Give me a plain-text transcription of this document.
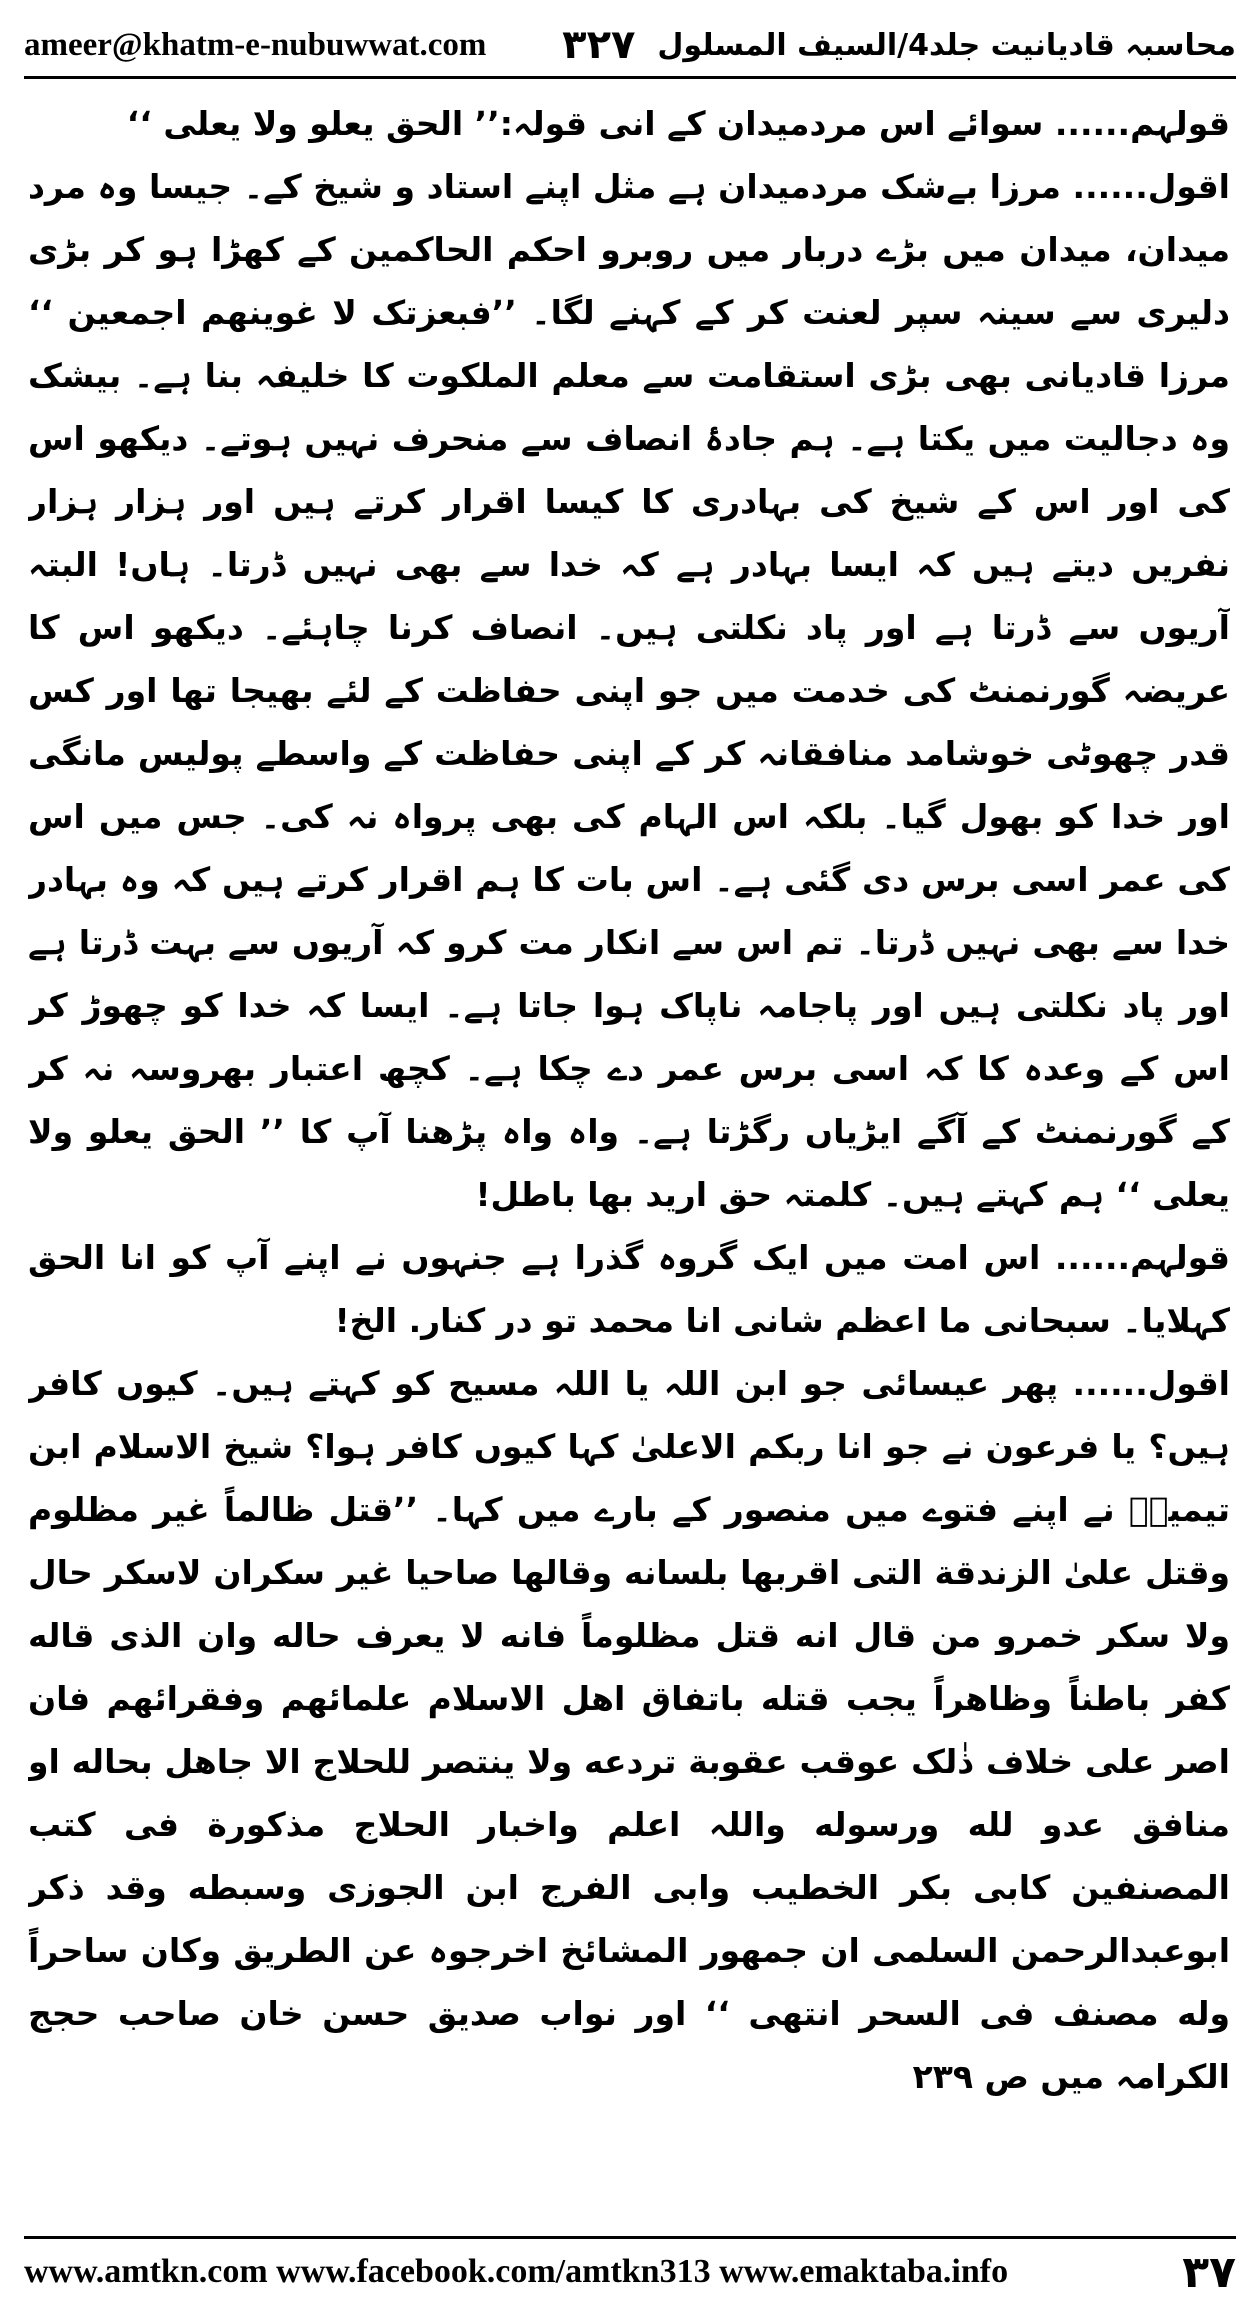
ameer@khatm-e-nubuwwat.com	محاسبہ قادیانیت جلد4/السیف المسلول
۳۲۷

قولہم...... سوائے اس مردمیدان کے انی قولہ:’’ الحق یعلو ولا یعلی ‘‘

اقول...... مرزا بےشک مردمیدان ہے مثل اپنے استاد و شیخ کے۔ جیسا وہ مرد میدان، میدان میں بڑے دربار میں روبرو احکم الحاکمین کے کھڑا ہو کر بڑی دلیری سے سینہ سپر لعنت کر کے کہنے لگا۔ ’’فبعزتک لا غوینھم اجمعین ‘‘ مرزا قادیانی بھی بڑی استقامت سے معلم الملکوت کا خلیفہ بنا ہے۔ بیشک وہ دجالیت میں یکتا ہے۔ ہم جادۂ انصاف سے منحرف نہیں ہوتے۔ دیکھو اس کی اور اس کے شیخ کی بہادری کا کیسا اقرار کرتے ہیں اور ہزار ہزار نفریں دیتے ہیں کہ ایسا بہادر ہے کہ خدا سے بھی نہیں ڈرتا۔ ہاں! البتہ آریوں سے ڈرتا ہے اور پاد نکلتی ہیں۔ انصاف کرنا چاہئے۔ دیکھو اس کا عریضہ گورنمنٹ کی خدمت میں جو اپنی حفاظت کے لئے بھیجا تھا اور کس قدر چھوٹی خوشامد منافقانہ کر کے اپنی حفاظت کے واسطے پولیس مانگی اور خدا کو بھول گیا۔ بلکہ اس الہام کی بھی پرواہ نہ کی۔ جس میں اس کی عمر اسی برس دی گئی ہے۔ اس بات کا ہم اقرار کرتے ہیں کہ وہ بہادر خدا سے بھی نہیں ڈرتا۔ تم اس سے انکار مت کرو کہ آریوں سے بہت ڈرتا ہے اور پاد نکلتی ہیں اور پاجامہ ناپاک ہوا جاتا ہے۔ ایسا کہ خدا کو چھوڑ کر اس کے وعدہ کا کہ اسی برس عمر دے چکا ہے۔ کچھ اعتبار بھروسہ نہ کر کے گورنمنٹ کے آگے ایڑیاں رگڑتا ہے۔ واہ واہ پڑھنا آپ کا ’’ الحق یعلو ولا یعلی ‘‘ ہم کہتے ہیں۔ کلمتہ حق ارید بھا باطل!

قولہم...... اس امت میں ایک گروہ گذرا ہے جنہوں نے اپنے آپ کو انا الحق کہلایا۔ سبحانی ما اعظم شانی انا محمد تو در کنار. الخ!

اقول...... پھر عیسائی جو ابن اللہ یا اللہ مسیح کو کہتے ہیں۔ کیوں کافر ہیں؟ یا فرعون نے جو انا ربکم الاعلیٰ کہا کیوں کافر ہوا؟ شیخ الاسلام ابن تیمیہؒ نے اپنے فتوے میں منصور کے بارے میں کہا۔ ’’قتل ظالماً غیر مظلوم وقتل علیٰ الزندقة التی اقربھا بلسانه وقالھا صاحیا غیر سکران لاسکر حال ولا سکر خمرو من قال انه قتل مظلوماً فانه لا یعرف حاله وان الذی قاله کفر باطناً وظاھراً یجب قتله باتفاق اھل الاسلام علمائھم وفقرائھم فان اصر علی خلاف ذٰلک عوقب عقوبة تردعه ولا ینتصر للحلاج الا جاھل بحاله او منافق عدو لله ورسوله واللہ اعلم واخبار الحلاج مذکورة فی کتب المصنفین کابی بکر الخطیب وابی الفرج ابن الجوزی وسبطه وقد ذکر ابوعبدالرحمن السلمی ان جمھور المشائخ اخرجوہ عن الطریق وکان ساحراً وله مصنف فی السحر انتھی ‘‘ اور نواب صدیق حسن خان صاحب حجج الکرامہ میں ص ۲۳۹

www.amtkn.com www.facebook.com/amtkn313 www.emaktaba.info	۳۷
